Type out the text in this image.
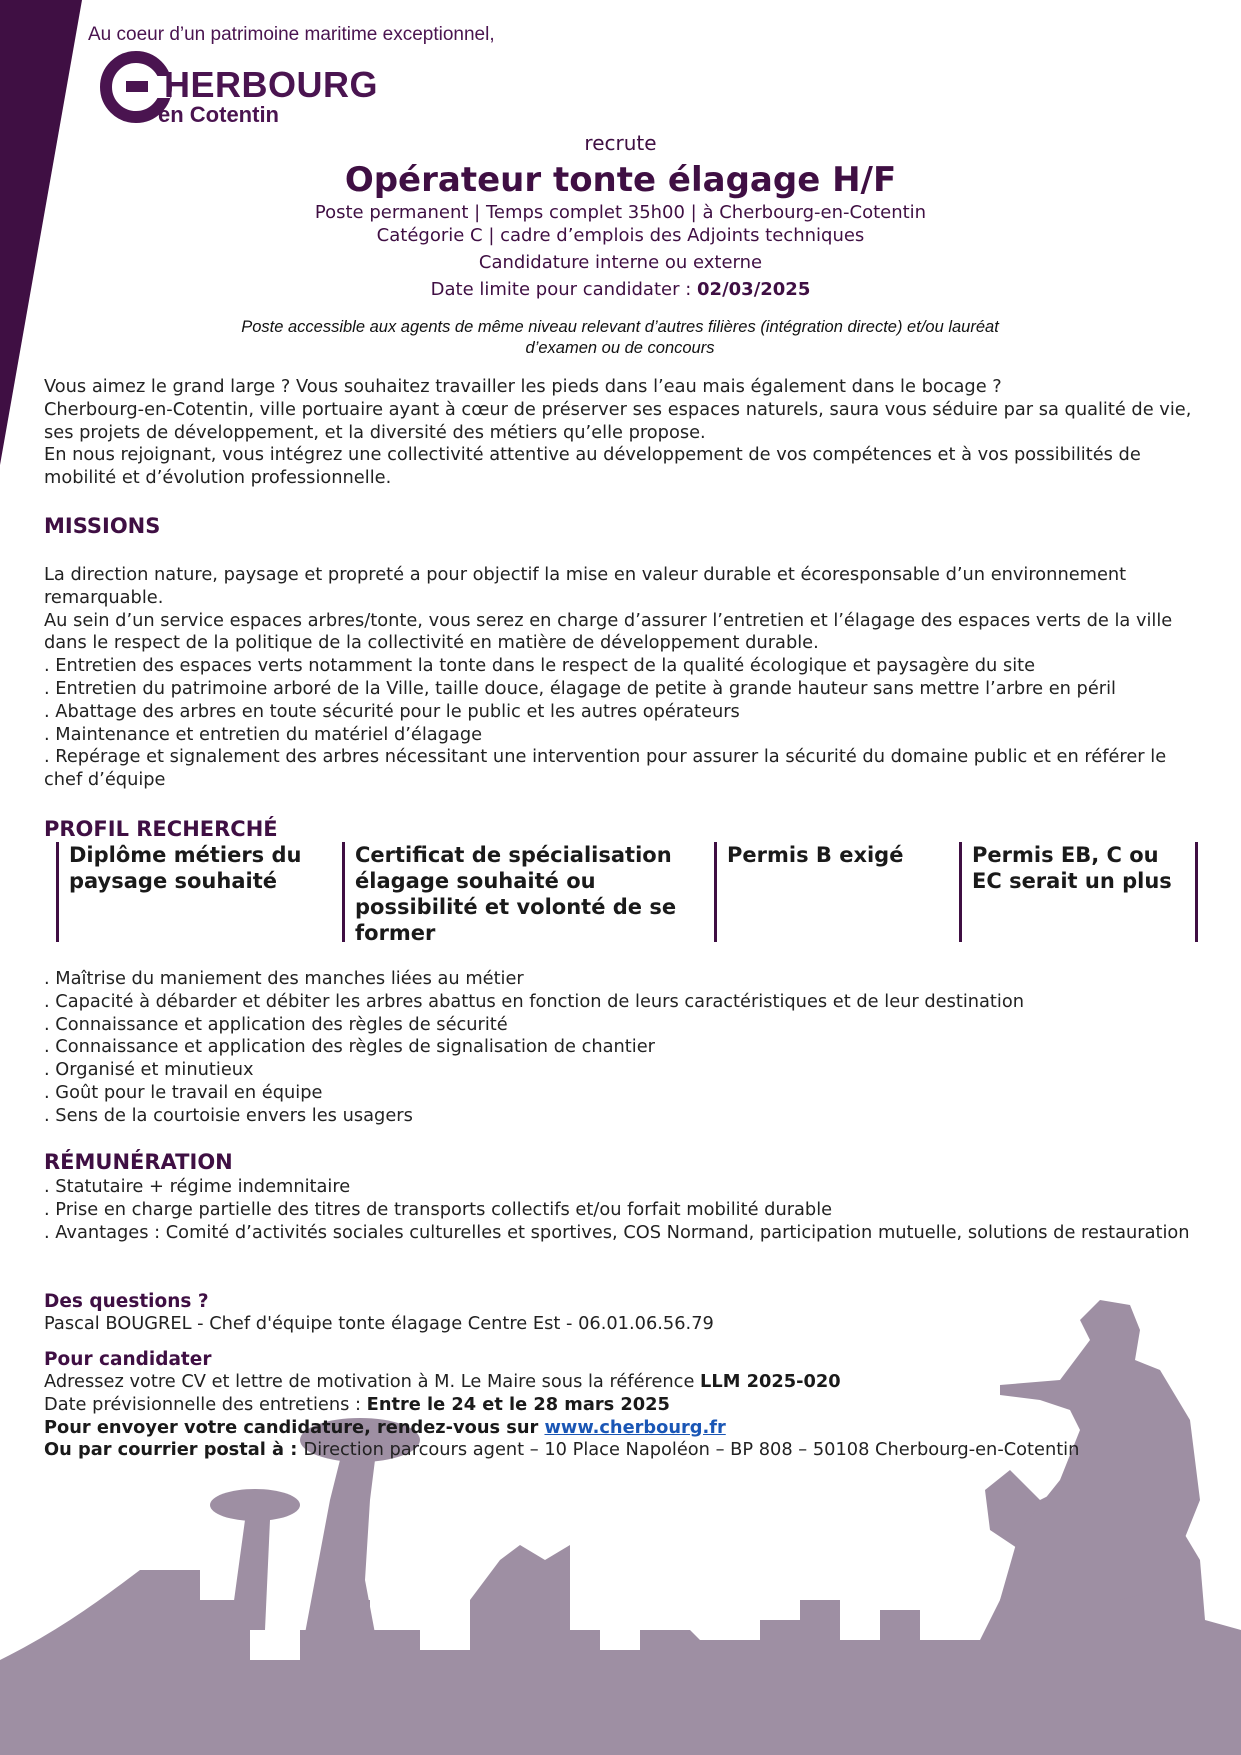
Au coeur d’un patrimoine maritime exceptionnel,
HERBOURG
en Cotentin
recrute
Opérateur tonte élagage H/F
Poste permanent | Temps complet 35h00 | à Cherbourg-en-Cotentin
Catégorie C | cadre d’emplois des Adjoints techniques
Candidature interne ou externe
Date limite pour candidater : 02/03/2025
Poste accessible aux agents de même niveau relevant d’autres filières (intégration directe) et/ou lauréat
d’examen ou de concours
Vous aimez le grand large ? Vous souhaitez travailler les pieds dans l’eau mais également dans le bocage ?
Cherbourg-en-Cotentin, ville portuaire ayant à cœur de préserver ses espaces naturels, saura vous séduire par sa qualité de vie, ses projets de développement, et la diversité des métiers qu’elle propose.
En nous rejoignant, vous intégrez une collectivité attentive au développement de vos compétences et à vos possibilités de mobilité et d’évolution professionnelle.
MISSIONS
La direction nature, paysage et propreté a pour objectif la mise en valeur durable et écoresponsable d’un environnement remarquable.
Au sein d’un service espaces arbres/tonte, vous serez en charge d’assurer l’entretien et l’élagage des espaces verts de la ville dans le respect de la politique de la collectivité en matière de développement durable.
. Entretien des espaces verts notamment la tonte dans le respect de la qualité écologique et paysagère du site
. Entretien du patrimoine arboré de la Ville, taille douce, élagage de petite à grande hauteur sans mettre l’arbre en péril
. Abattage des arbres en toute sécurité pour le public et les autres opérateurs
. Maintenance et entretien du matériel d’élagage
. Repérage et signalement des arbres nécessitant une intervention pour assurer la sécurité du domaine public et en référer le chef d’équipe
PROFIL RECHERCHÉ
Diplôme métiers du paysage souhaité
Certificat de spécialisation élagage souhaité ou possibilité et volonté de se former
Permis B exigé	Permis EB, C ou EC serait un plus
. Maîtrise du maniement des manches liées au métier
. Capacité à débarder et débiter les arbres abattus en fonction de leurs caractéristiques et de leur destination
. Connaissance et application des règles de sécurité
. Connaissance et application des règles de signalisation de chantier
. Organisé et minutieux
. Goût pour le travail en équipe
. Sens de la courtoisie envers les usagers
RÉMUNÉRATION
. Statutaire + régime indemnitaire
. Prise en charge partielle des titres de transports collectifs et/ou forfait mobilité durable
. Avantages : Comité d’activités sociales culturelles et sportives, COS Normand, participation mutuelle, solutions de restauration
Des questions ?
Pascal BOUGREL - Chef d'équipe tonte élagage Centre Est - 06.01.06.56.79
Pour candidater
Adressez votre CV et lettre de motivation à M. Le Maire sous la référence LLM 2025-020
Date prévisionnelle des entretiens : Entre le 24 et le 28 mars 2025
Pour envoyer votre candidature, rendez-vous sur www.cherbourg.fr
Ou par courrier postal à : Direction parcours agent – 10 Place Napoléon – BP 808 – 50108 Cherbourg-en-Cotentin
